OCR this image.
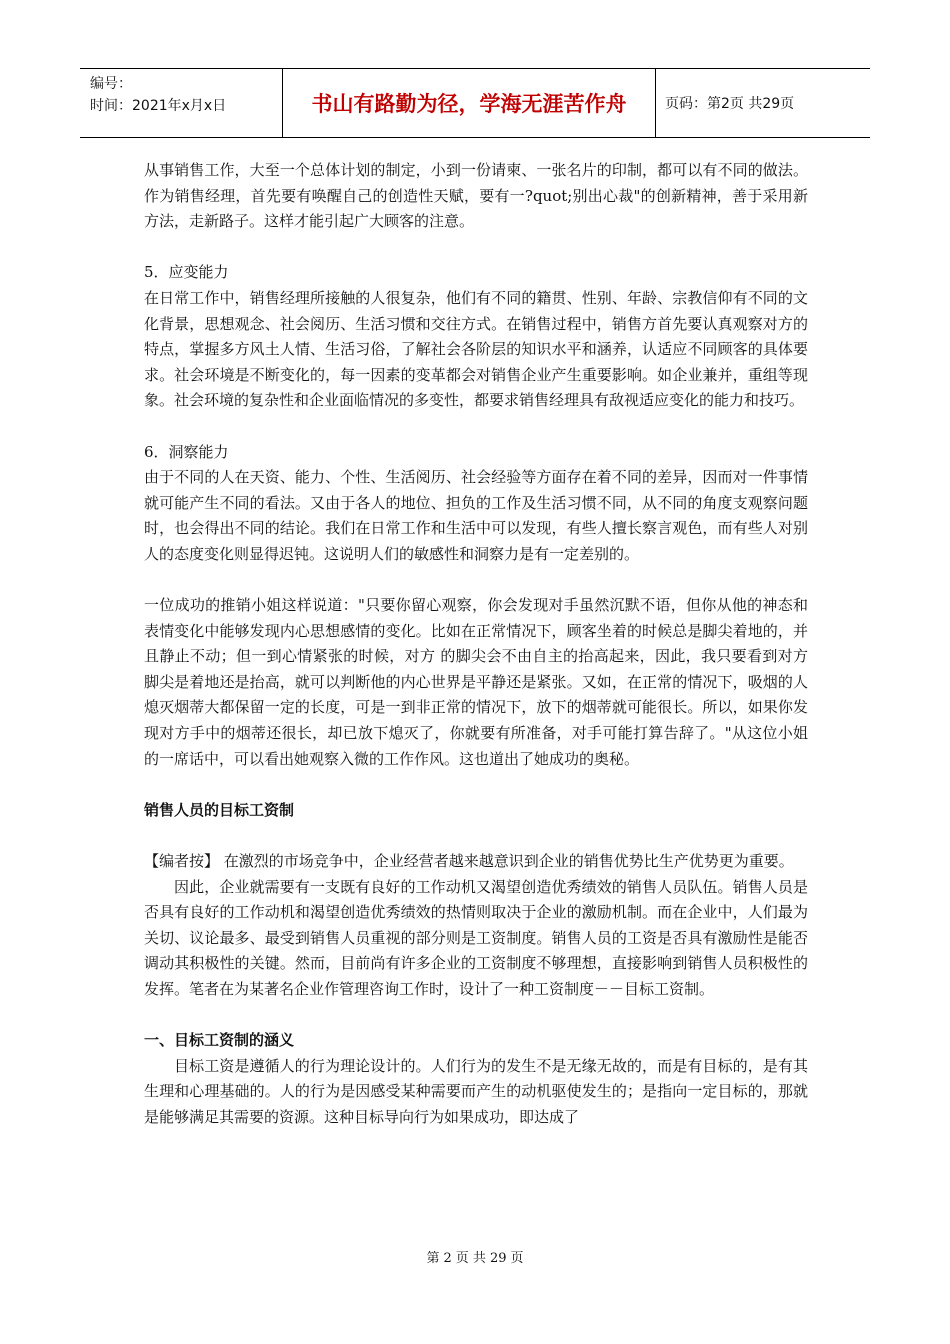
编号：
时间：2021年x月x日	书山有路勤为径，学海无涯苦作舟	页码：第2页 共29页

从事销售工作，大至一个总体计划的制定，小到一份请柬、一张名片的印制，都可以有不同的做法。作为销售经理，首先要有唤醒自己的创造性天赋，要有一?quot;别出心裁"的创新精神，善于采用新方法，走新路子。这样才能引起广大顾客的注意。

5．应变能力

在日常工作中，销售经理所接触的人很复杂，他们有不同的籍贯、性别、年龄、宗教信仰有不同的文化背景，思想观念、社会阅历、生活习惯和交往方式。在销售过程中，销售方首先要认真观察对方的特点，掌握多方风土人情、生活习俗，了解社会各阶层的知识水平和涵养，认适应不同顾客的具体要求。社会环境是不断变化的，每一因素的变革都会对销售企业产生重要影响。如企业兼并，重组等现象。社会环境的复杂性和企业面临情况的多变性，都要求销售经理具有敌视适应变化的能力和技巧。

6．洞察能力

由于不同的人在天资、能力、个性、生活阅历、社会经验等方面存在着不同的差异，因而对一件事情就可能产生不同的看法。又由于各人的地位、担负的工作及生活习惯不同，从不同的角度支观察问题时，也会得出不同的结论。我们在日常工作和生活中可以发现，有些人擅长察言观色，而有些人对别人的态度变化则显得迟钝。这说明人们的敏感性和洞察力是有一定差别的。

一位成功的推销小姐这样说道："只要你留心观察，你会发现对手虽然沉默不语，但你从他的神态和表情变化中能够发现内心思想感情的变化。比如在正常情况下，顾客坐着的时候总是脚尖着地的，并且静止不动；但一到心情紧张的时候，对方 的脚尖会不由自主的抬高起来，因此，我只要看到对方脚尖是着地还是抬高，就可以判断他的内心世界是平静还是紧张。又如，在正常的情况下，吸烟的人熄灭烟蒂大都保留一定的长度，可是一到非正常的情况下，放下的烟蒂就可能很长。所以，如果你发现对方手中的烟蒂还很长，却已放下熄灭了，你就要有所准备，对手可能打算告辞了。"从这位小姐的一席话中，可以看出她观察入微的工作作风。这也道出了她成功的奥秘。

销售人员的目标工资制

【编者按】 在激烈的市场竞争中，企业经营者越来越意识到企业的销售优势比生产优势更为重要。

因此，企业就需要有一支既有良好的工作动机又渴望创造优秀绩效的销售人员队伍。销售人员是否具有良好的工作动机和渴望创造优秀绩效的热情则取决于企业的激励机制。而在企业中，人们最为关切、议论最多、最受到销售人员重视的部分则是工资制度。销售人员的工资是否具有激励性是能否调动其积极性的关键。然而，目前尚有许多企业的工资制度不够理想，直接影响到销售人员积极性的发挥。笔者在为某著名企业作管理咨询工作时，设计了一种工资制度－－目标工资制。

一、目标工资制的涵义

目标工资是遵循人的行为理论设计的。人们行为的发生不是无缘无故的，而是有目标的，是有其生理和心理基础的。人的行为是因感受某种需要而产生的动机驱使发生的；是指向一定目标的，那就是能够满足其需要的资源。这种目标导向行为如果成功，即达成了

第 2 页 共 29 页
